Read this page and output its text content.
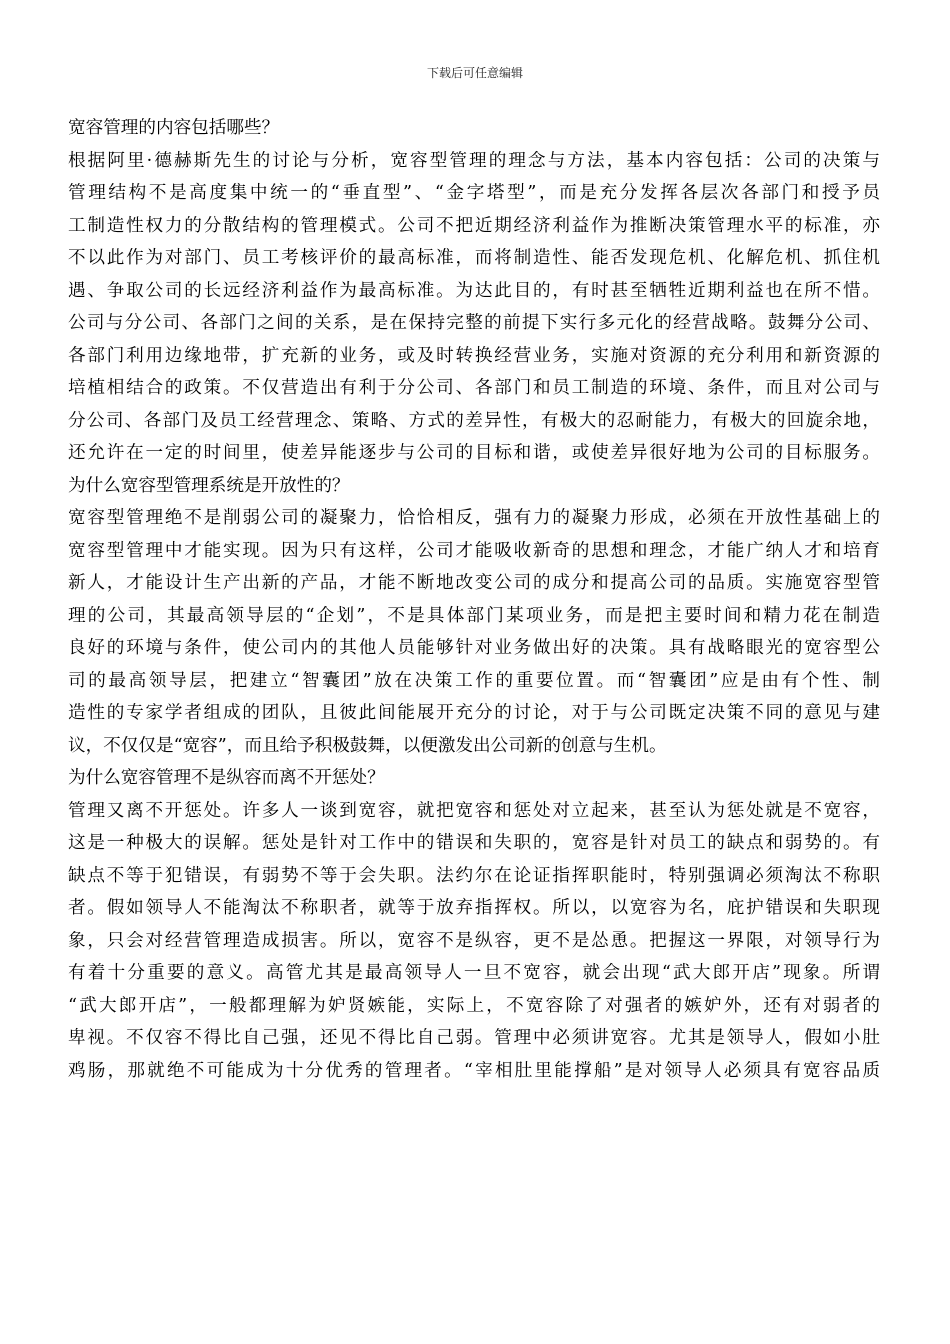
下载后可任意编辑
宽容管理的内容包括哪些？
根据阿里·德赫斯先生的讨论与分析，宽容型管理的理念与方法，基本内容包括：公司的决策与
管理结构不是高度集中统一的“垂直型”、“金字塔型”，而是充分发挥各层次各部门和授予员
工制造性权力的分散结构的管理模式。公司不把近期经济利益作为推断决策管理水平的标准，亦
不以此作为对部门、员工考核评价的最高标准，而将制造性、能否发现危机、化解危机、抓住机
遇、争取公司的长远经济利益作为最高标准。为达此目的，有时甚至牺牲近期利益也在所不惜。
公司与分公司、各部门之间的关系，是在保持完整的前提下实行多元化的经营战略。鼓舞分公司、
各部门利用边缘地带，扩充新的业务，或及时转换经营业务，实施对资源的充分利用和新资源的
培植相结合的政策。不仅营造出有利于分公司、各部门和员工制造的环境、条件，而且对公司与
分公司、各部门及员工经营理念、策略、方式的差异性，有极大的忍耐能力，有极大的回旋余地，
还允许在一定的时间里，使差异能逐步与公司的目标和谐，或使差异很好地为公司的目标服务。
为什么宽容型管理系统是开放性的？
宽容型管理绝不是削弱公司的凝聚力，恰恰相反，强有力的凝聚力形成，必须在开放性基础上的
宽容型管理中才能实现。因为只有这样，公司才能吸收新奇的思想和理念，才能广纳人才和培育
新人，才能设计生产出新的产品，才能不断地改变公司的成分和提高公司的品质。实施宽容型管
理的公司，其最高领导层的“企划”，不是具体部门某项业务，而是把主要时间和精力花在制造
良好的环境与条件，使公司内的其他人员能够针对业务做出好的决策。具有战略眼光的宽容型公
司的最高领导层，把建立“智囊团”放在决策工作的重要位置。而“智囊团”应是由有个性、制
造性的专家学者组成的团队，且彼此间能展开充分的讨论，对于与公司既定决策不同的意见与建
议，不仅仅是“宽容”，而且给予积极鼓舞，以便激发出公司新的创意与生机。
为什么宽容管理不是纵容而离不开惩处？
管理又离不开惩处。许多人一谈到宽容，就把宽容和惩处对立起来，甚至认为惩处就是不宽容，
这是一种极大的误解。惩处是针对工作中的错误和失职的，宽容是针对员工的缺点和弱势的。有
缺点不等于犯错误，有弱势不等于会失职。法约尔在论证指挥职能时，特别强调必须淘汰不称职
者。假如领导人不能淘汰不称职者，就等于放弃指挥权。所以，以宽容为名，庇护错误和失职现
象，只会对经营管理造成损害。所以，宽容不是纵容，更不是怂恿。把握这一界限，对领导行为
有着十分重要的意义。高管尤其是最高领导人一旦不宽容，就会出现“武大郎开店”现象。所谓
“武大郎开店”，一般都理解为妒贤嫉能，实际上，不宽容除了对强者的嫉妒外，还有对弱者的
卑视。不仅容不得比自己强，还见不得比自己弱。管理中必须讲宽容。尤其是领导人，假如小肚
鸡肠，那就绝不可能成为十分优秀的管理者。“宰相肚里能撑船”是对领导人必须具有宽容品质
